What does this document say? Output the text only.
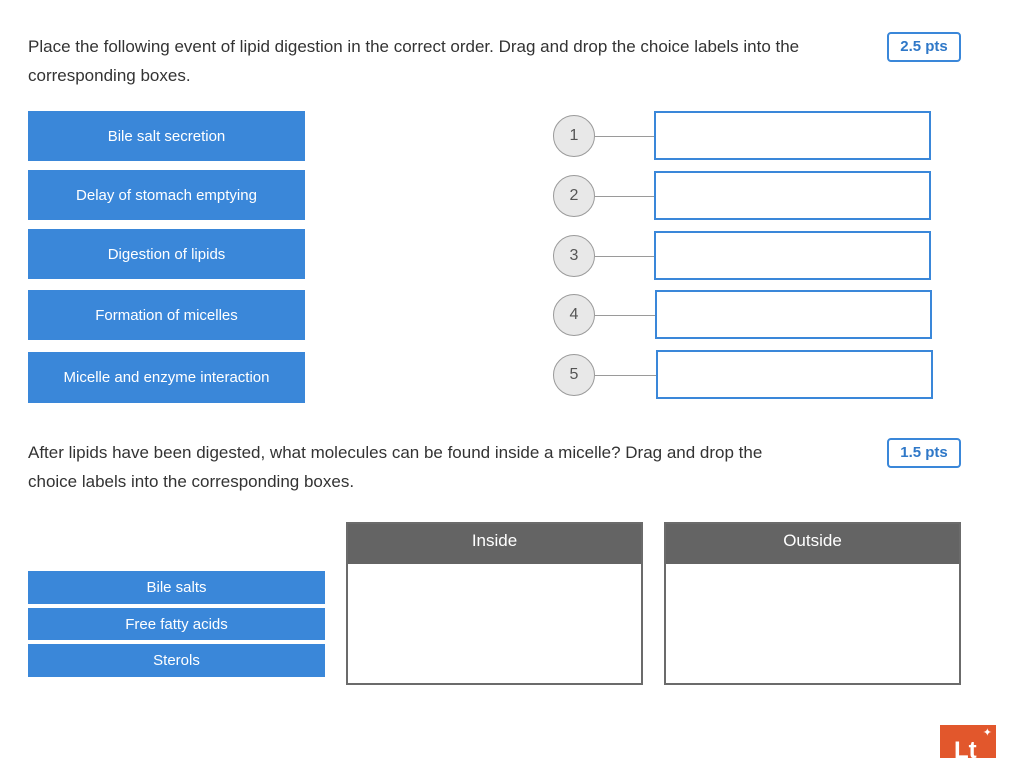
Place the following event of lipid digestion in the correct order. Drag and drop the choice labels into the
corresponding boxes.
2.5 pts
Bile salt secretion
Delay of stomach emptying
Digestion of lipids
Formation of micelles
Micelle and enzyme interaction
1
2
3
4
5
After lipids have been digested, what molecules can be found inside a micelle? Drag and drop the
choice labels into the corresponding boxes.
1.5 pts
Inside	Outside
Bile salts
Free fatty acids
Sterols
✦
Lt
